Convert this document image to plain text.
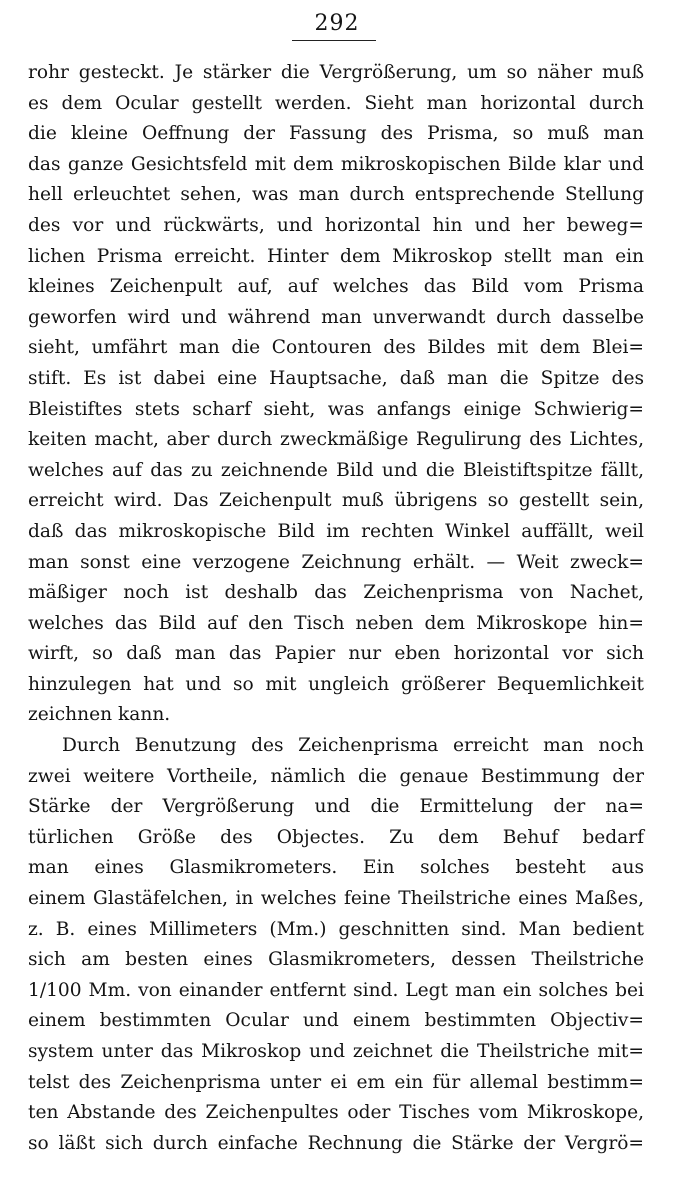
292
rohr gesteckt. Je stärker die Vergrößerung, um so näher muß
es dem Ocular gestellt werden. Sieht man horizontal durch
die kleine Oeffnung der Fassung des Prisma, so muß man
das ganze Gesichtsfeld mit dem mikroskopischen Bilde klar und
hell erleuchtet sehen, was man durch entsprechende Stellung
des vor und rückwärts, und horizontal hin und her beweg=
lichen Prisma erreicht. Hinter dem Mikroskop stellt man ein
kleines Zeichenpult auf, auf welches das Bild vom Prisma
geworfen wird und während man unverwandt durch dasselbe
sieht, umfährt man die Contouren des Bildes mit dem Blei=
stift. Es ist dabei eine Hauptsache, daß man die Spitze des
Bleistiftes stets scharf sieht, was anfangs einige Schwierig=
keiten macht, aber durch zweckmäßige Regulirung des Lichtes,
welches auf das zu zeichnende Bild und die Bleistiftspitze fällt,
erreicht wird. Das Zeichenpult muß übrigens so gestellt sein,
daß das mikroskopische Bild im rechten Winkel auffällt, weil
man sonst eine verzogene Zeichnung erhält. — Weit zweck=
mäßiger noch ist deshalb das Zeichenprisma von Nachet,
welches das Bild auf den Tisch neben dem Mikroskope hin=
wirft, so daß man das Papier nur eben horizontal vor sich
hinzulegen hat und so mit ungleich größerer Bequemlichkeit
zeichnen kann.
Durch Benutzung des Zeichenprisma erreicht man noch
zwei weitere Vortheile, nämlich die genaue Bestimmung der
Stärke der Vergrößerung und die Ermittelung der na=
türlichen Größe des Objectes. Zu dem Behuf bedarf
man eines Glasmikrometers. Ein solches besteht aus
einem Glastäfelchen, in welches feine Theilstriche eines Maßes,
z. B. eines Millimeters (Mm.) geschnitten sind. Man bedient
sich am besten eines Glasmikrometers, dessen Theilstriche
1/100 Mm. von einander entfernt sind. Legt man ein solches bei
einem bestimmten Ocular und einem bestimmten Objectiv=
system unter das Mikroskop und zeichnet die Theilstriche mit=
telst des Zeichenprisma unter ei em ein für allemal bestimm=
ten Abstande des Zeichenpultes oder Tisches vom Mikroskope,
so läßt sich durch einfache Rechnung die Stärke der Vergrö=
